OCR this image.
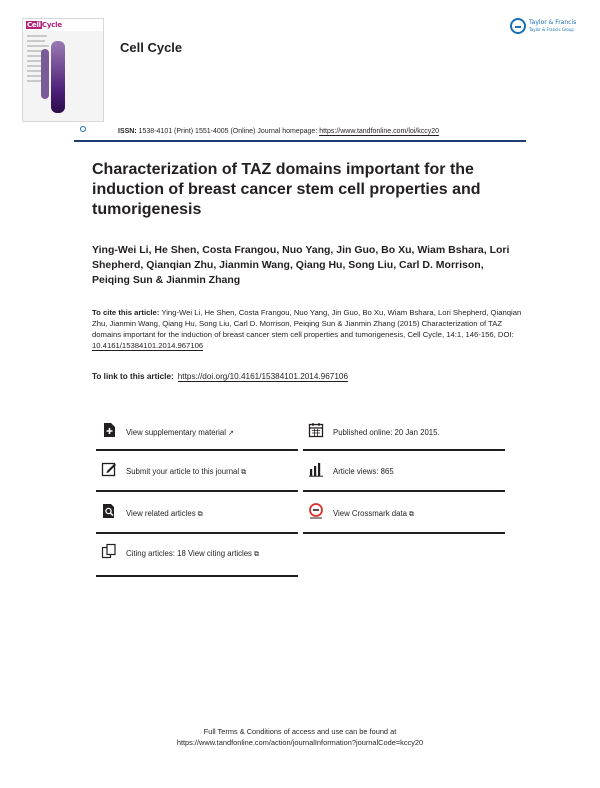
CellCycle
Cell Cycle
Taylor & Francis
Taylor & Francis Group
ISSN: 1538-4101 (Print) 1551-4005 (Online) Journal homepage: https://www.tandfonline.com/loi/kccy20
Characterization of TAZ domains important for the induction of breast cancer stem cell properties and tumorigenesis
Ying-Wei Li, He Shen, Costa Frangou, Nuo Yang, Jin Guo, Bo Xu, Wiam Bshara, Lori Shepherd, Qianqian Zhu, Jianmin Wang, Qiang Hu, Song Liu, Carl D. Morrison, Peiqing Sun & Jianmin Zhang
To cite this article: Ying-Wei Li, He Shen, Costa Frangou, Nuo Yang, Jin Guo, Bo Xu, Wiam Bshara, Lori Shepherd, Qianqian Zhu, Jianmin Wang, Qiang Hu, Song Liu, Carl D. Morrison, Peiqing Sun & Jianmin Zhang (2015) Characterization of TAZ domains important for the induction of breast cancer stem cell properties and tumorigenesis, Cell Cycle, 14:1, 146-156, DOI:
10.4161/15384101.2014.967106
To link to this article: https://doi.org/10.4161/15384101.2014.967106
View supplementary material ↗
Submit your article to this journal ⧉
View related articles ⧉
Citing articles: 18 View citing articles ⧉
Published online: 20 Jan 2015.
Article views: 865
View Crossmark data ⧉
Full Terms & Conditions of access and use can be found at
https://www.tandfonline.com/action/journalInformation?journalCode=kccy20
